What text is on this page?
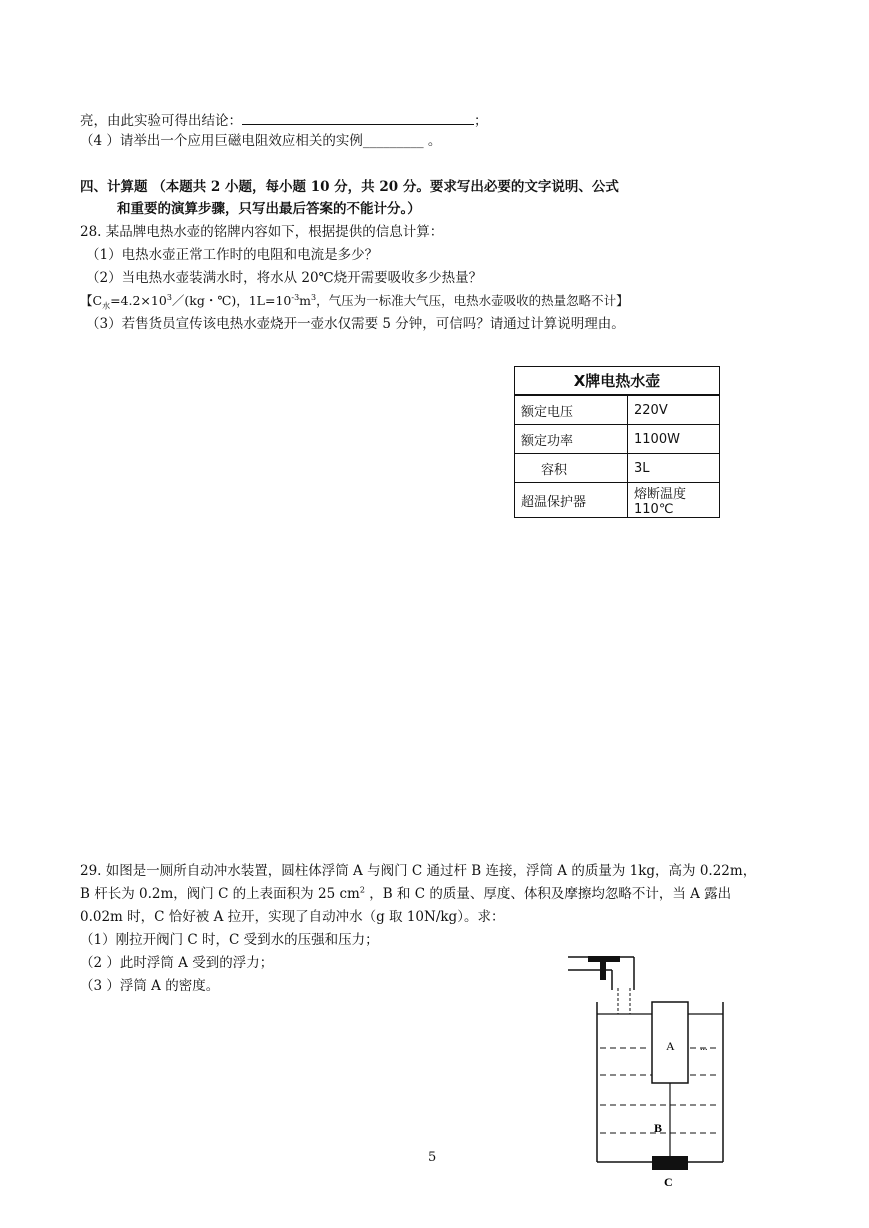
亮，由此实验可得出结论：	；
（4 ）请举出一个应用巨磁电阻效应相关的实例_________ 。
四、计算题 （本题共 2 小题，每小题 10 分，共 20 分。要求写出必要的文字说明、公式
和重要的演算步骤，只写出最后答案的不能计分。）
28. 某品牌电热水壶的铭牌内容如下，根据提供的信息计算：
（1）电热水壶正常工作时的电阻和电流是多少？
（2）当电热水壶装满水时，将水从 20℃烧开需要吸收多少热量？
【$C_水=4.2\times 10^3/(kg$・℃)，$1L=10^{-3}m^3$，气压为一标准大气压，电热水壶吸收的热量忽略不计】
（3）若售货员宣传该电热水壶烧开一壶水仅需要 5 分钟，可信吗？请通过计算说明理由。
X牌电热水壶	
额定电压	220V
额定功率	1100W
容积	3L
超温保护器	熔断温度 110℃
29. 如图是一厕所自动冲水装置，圆柱体浮筒 A 与阀门 C 通过杆 B 连接，浮筒 A 的质量为 1kg，高为 0.22m，
B 杆长为 0.2m，阀门 C 的上表面积为 25 $cm^2$ ，B 和 C 的质量、厚度、体积及摩擦均忽略不计，当 A 露出
0.02m 时，C 恰好被 A 拉开，实现了自动冲水（g 取 10N/kg）。求：
（1）刚拉开阀门 C 时，C 受到水的压强和压力；
（2 ）此时浮筒 A 受到的浮力；
（3 ）浮筒 A 的密度。
A	...
B
C
5
